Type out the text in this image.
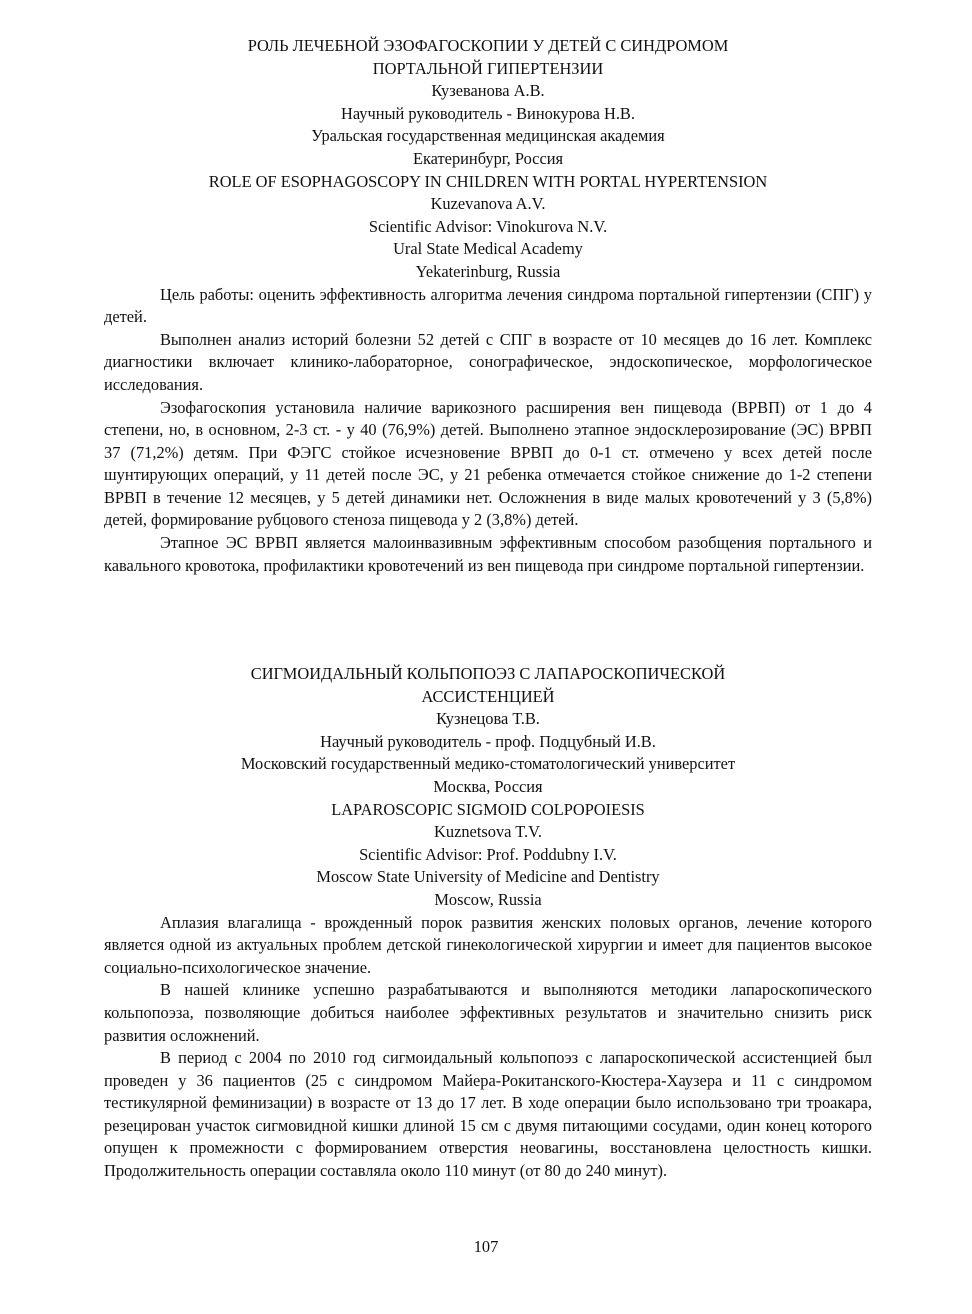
РОЛЬ ЛЕЧЕБНОЙ ЭЗОФАГОСКОПИИ У ДЕТЕЙ С СИНДРОМОМ
ПОРТАЛЬНОЙ ГИПЕРТЕНЗИИ
Кузеванова А.В.
Научный руководитель - Винокурова Н.В.
Уральская государственная медицинская академия
Екатеринбург, Россия
ROLE OF ESOPHAGOSCOPY IN CHILDREN WITH PORTAL HYPERTENSION
Kuzevanova A.V.
Scientific Advisor: Vinokurova N.V.
Ural State Medical Academy
Yekaterinburg, Russia

Цель работы: оценить эффективность алгоритма лечения синдрома портальной гипертензии (СПГ) у детей.

Выполнен анализ историй болезни 52 детей с СПГ в возрасте от 10 месяцев до 16 лет. Комплекс диагностики включает клинико-лабораторное, сонографическое, эндоскопическое, морфологическое исследования.

Эзофагоскопия установила наличие варикозного расширения вен пищевода (ВРВП) от 1 до 4 степени, но, в основном, 2-3 ст. - у 40 (76,9%) детей. Выполнено этапное эндосклерозирование (ЭС) ВРВП 37 (71,2%) детям. При ФЭГС стойкое исчезновение ВРВП до 0-1 ст. отмечено у всех детей после шунтирующих операций, у 11 детей после ЭС, у 21 ребенка отмечается стойкое снижение до 1-2 степени ВРВП в течение 12 месяцев, у 5 детей динамики нет. Осложнения в виде малых кровотечений у 3 (5,8%) детей, формирование рубцового стеноза пищевода у 2 (3,8%) детей.

Этапное ЭС ВРВП является малоинвазивным эффективным способом разобщения портального и кавального кровотока, профилактики кровотечений из вен пищевода при синдроме портальной гипертензии.

СИГМОИДАЛЬНЫЙ КОЛЬПОПОЭЗ С ЛАПАРОСКОПИЧЕСКОЙ
АССИСТЕНЦИЕЙ
Кузнецова Т.В.
Научный руководитель - проф. Подцубный И.В.
Московский государственный медико-стоматологический университет
Москва, Россия
LAPAROSCOPIC SIGMOID COLPOPOIESIS
Kuznetsova T.V.
Scientific Advisor: Prof. Poddubny I.V.
Moscow State University of Medicine and Dentistry
Moscow, Russia

Аплазия влагалища - врожденный порок развития женских половых органов, лечение которого является одной из актуальных проблем детской гинекологической хирургии и имеет для пациентов высокое социально-психологическое значение.

В нашей клинике успешно разрабатываются и выполняются методики лапароскопического кольпопоэза, позволяющие добиться наиболее эффективных результатов и значительно снизить риск развития осложнений.

В период с 2004 по 2010 год сигмоидальный кольпопоэз с лапароскопической ассистенцией был проведен у 36 пациентов (25 с синдромом Майера-Рокитанского-Кюстера-Хаузера и 11 с синдромом тестикулярной феминизации) в возрасте от 13 до 17 лет. В ходе операции было использовано три троакара, резецирован участок сигмовидной кишки длиной 15 см с двумя питающими сосудами, один конец которого опущен к промежности с формированием отверстия неовагины, восстановлена целостность кишки. Продолжительность операции составляла около 110 минут (от 80 до 240 минут).

107
